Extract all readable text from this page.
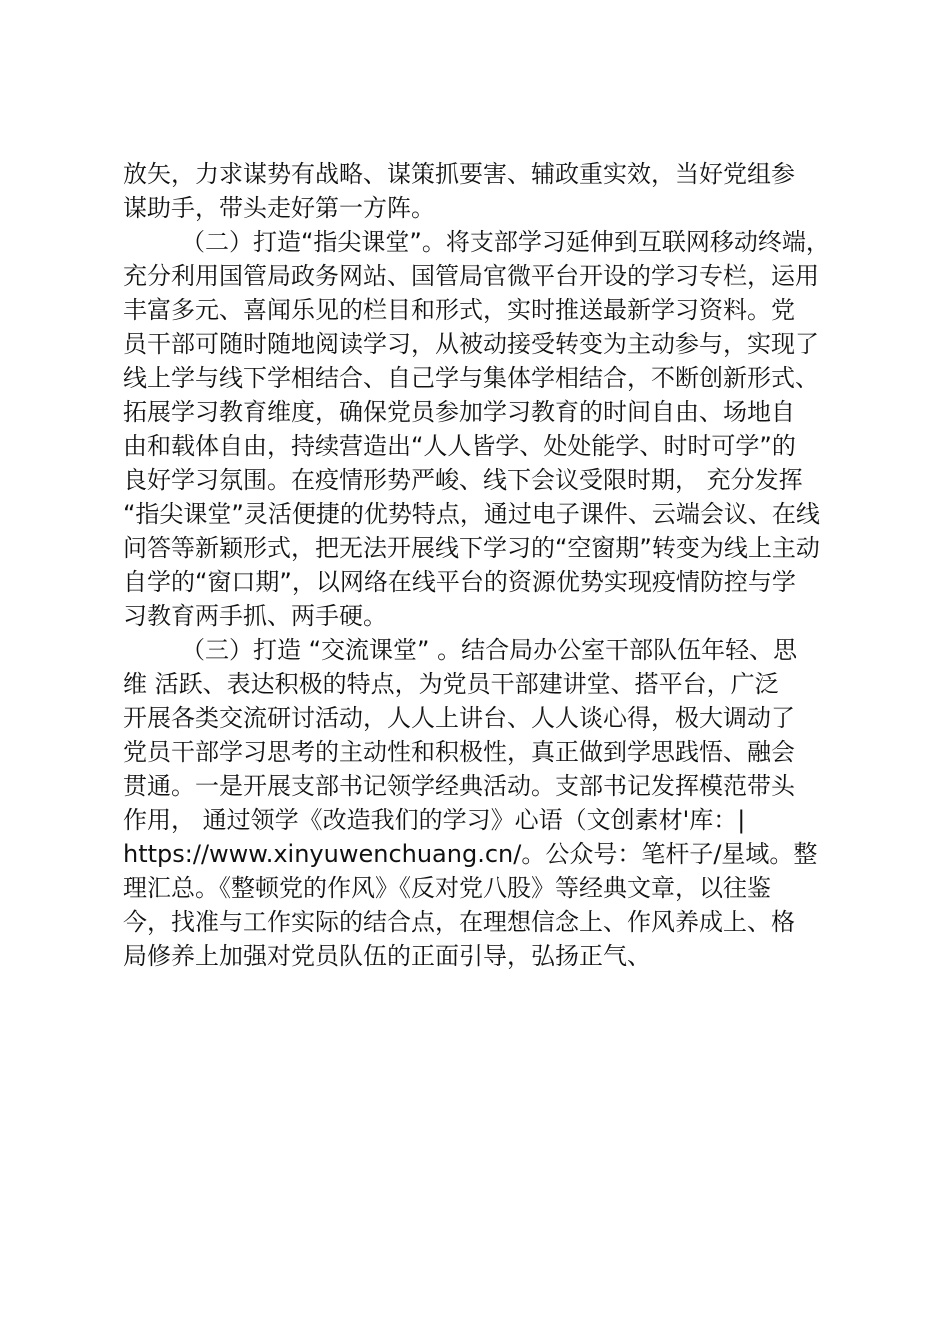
放矢，力求谋势有战略、谋策抓要害、辅政重实效，当好党组参
谋助手，带头走好第一方阵。
（二）打造“指尖课堂”。将支部学习延伸到互联网移动终端，
充分利用国管局政务网站、国管局官微平台开设的学习专栏，运用
丰富多元、喜闻乐见的栏目和形式，实时推送最新学习资料。党
员干部可随时随地阅读学习，从被动接受转变为主动参与，实现了
线上学与线下学相结合、自己学与集体学相结合，不断创新形式、
拓展学习教育维度，确保党员参加学习教育的时间自由、场地自
由和载体自由，持续营造出“人人皆学、处处能学、时时可学”的
良好学习氛围。在疫情形势严峻、线下会议受限时期， 充分发挥
“指尖课堂”灵活便捷的优势特点，通过电子课件、云端会议、在线
问答等新颖形式，把无法开展线下学习的“空窗期”转变为线上主动
自学的“窗口期”，以网络在线平台的资源优势实现疫情防控与学
习教育两手抓、两手硬。
（三）打造 “交流课堂” 。结合局办公室干部队伍年轻、思
维 活跃、表达积极的特点，为党员干部建讲堂、搭平台，广泛
开展各类交流研讨活动，人人上讲台、人人谈心得，极大调动了
党员干部学习思考的主动性和积极性，真正做到学思践悟、融会
贯通。一是开展支部书记领学经典活动。支部书记发挥模范带头
作用， 通过领学《改造我们的学习》心语（文创素材'库：|
https://www.xinyuwenchuang.cn/。公众号：笔杆子/星域。整
理汇总。《整顿党的作风》《反对党八股》等经典文章，以往鉴
今，找准与工作实际的结合点，在理想信念上、作风养成上、格
局修养上加强对党员队伍的正面引导，弘扬正气、
